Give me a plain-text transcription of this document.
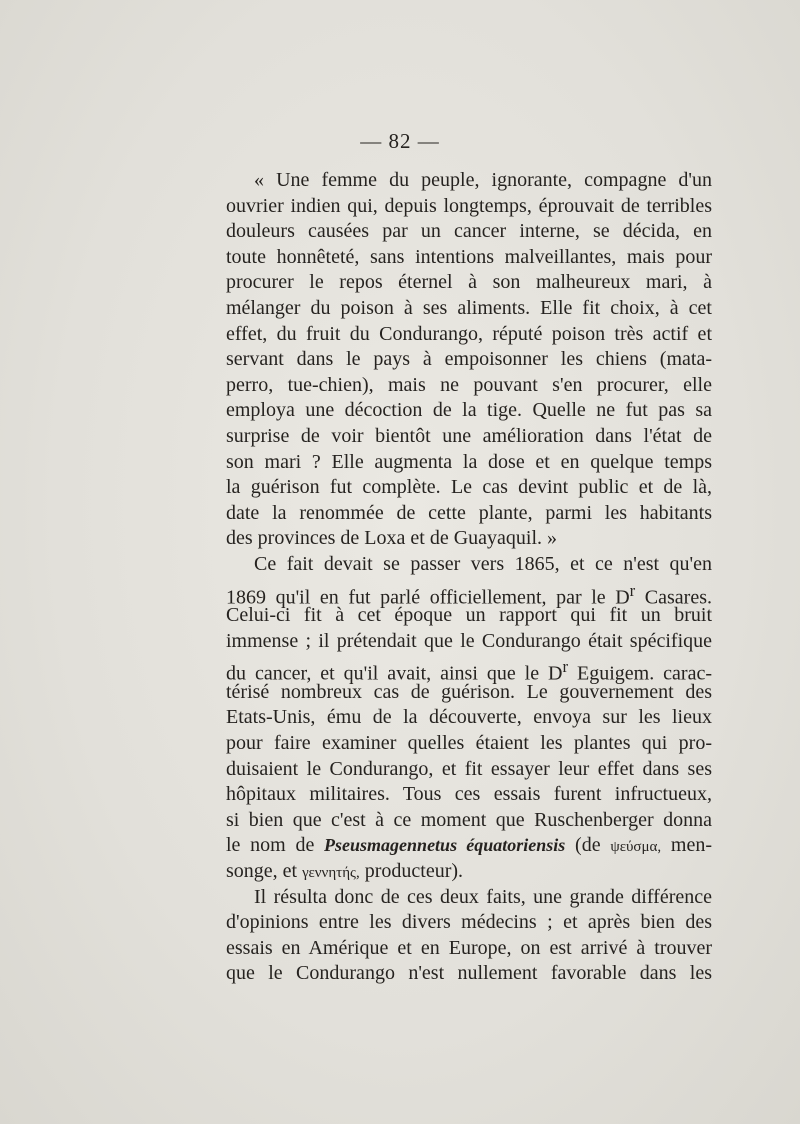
— 82 —
« Une femme du peuple, ignorante, compagne d'un
ouvrier indien qui, depuis longtemps, éprouvait de terribles
douleurs causées par un cancer interne, se décida, en
toute honnêteté, sans intentions malveillantes, mais pour
procurer le repos éternel à son malheureux mari, à
mélanger du poison à ses aliments. Elle fit choix, à cet
effet, du fruit du Condurango, réputé poison très actif et
servant dans le pays à empoisonner les chiens (mata-
perro, tue-chien), mais ne pouvant s'en procurer, elle
employa une décoction de la tige. Quelle ne fut pas sa
surprise de voir bientôt une amélioration dans l'état de
son mari ? Elle augmenta la dose et en quelque temps
la guérison fut complète. Le cas devint public et de là,
date la renommée de cette plante, parmi les habitants
des provinces de Loxa et de Guayaquil. »
Ce fait devait se passer vers 1865, et ce n'est qu'en
1869 qu'il en fut parlé officiellement, par le $D^r$ Casares.
Celui-ci fit à cet époque un rapport qui fit un bruit
immense ; il prétendait que le Condurango était spécifique
du cancer, et qu'il avait, ainsi que le $D^r$ Eguigem. carac-
térisé nombreux cas de guérison. Le gouvernement des
Etats-Unis, ému de la découverte, envoya sur les lieux
pour faire examiner quelles étaient les plantes qui pro-
duisaient le Condurango, et fit essayer leur effet dans ses
hôpitaux militaires. Tous ces essais furent infructueux,
si bien que c'est à ce moment que Ruschenberger donna
le nom de Pseusmagennetus équatoriensis (de ψεύσμα, men-
songe, et γεννητής, producteur).
Il résulta donc de ces deux faits, une grande différence
d'opinions entre les divers médecins ; et après bien des
essais en Amérique et en Europe, on est arrivé à trouver
que le Condurango n'est nullement favorable dans les
